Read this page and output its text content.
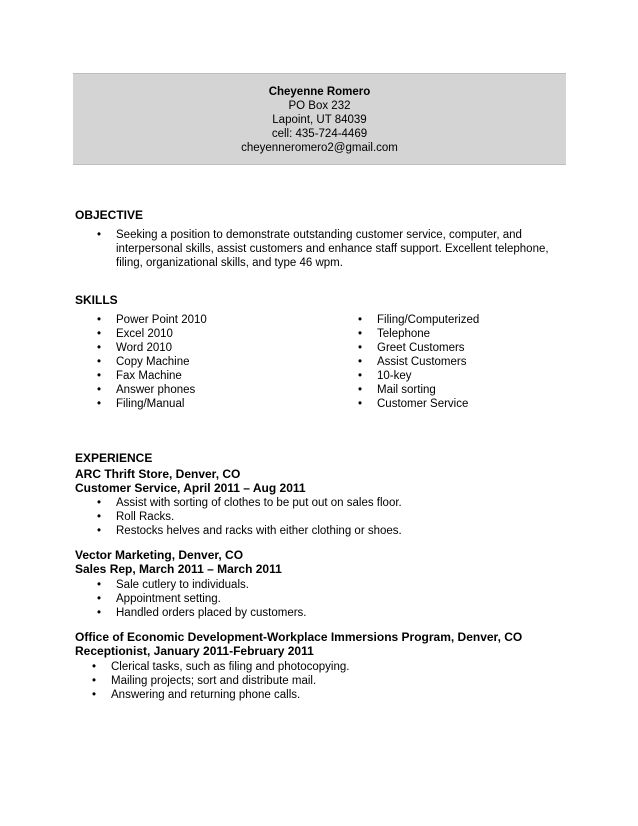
Cheyenne Romero
PO Box 232
Lapoint, UT 84039
cell: 435-724-4469
cheyenneromero2@gmail.com
OBJECTIVE
• Seeking a position to demonstrate outstanding customer service, computer, and interpersonal skills, assist customers and enhance staff support. Excellent telephone, filing, organizational skills, and type 46 wpm.
SKILLS
• Power Point 2010
• Excel 2010
• Word 2010
• Copy Machine
• Fax Machine
• Answer phones
• Filing/Manual
• Filing/Computerized
• Telephone
• Greet Customers
• Assist Customers
• 10-key
• Mail sorting
• Customer Service
EXPERIENCE
ARC Thrift Store, Denver, CO
Customer Service, April 2011 – Aug 2011
• Assist with sorting of clothes to be put out on sales floor.
• Roll Racks.
• Restocks helves and racks with either clothing or shoes.
Vector Marketing, Denver, CO
Sales Rep, March 2011 – March 2011
• Sale cutlery to individuals.
• Appointment setting.
• Handled orders placed by customers.
Office of Economic Development-Workplace Immersions Program, Denver, CO
Receptionist, January 2011-February 2011
• Clerical tasks, such as filing and photocopying.
• Mailing projects; sort and distribute mail.
• Answering and returning phone calls.
